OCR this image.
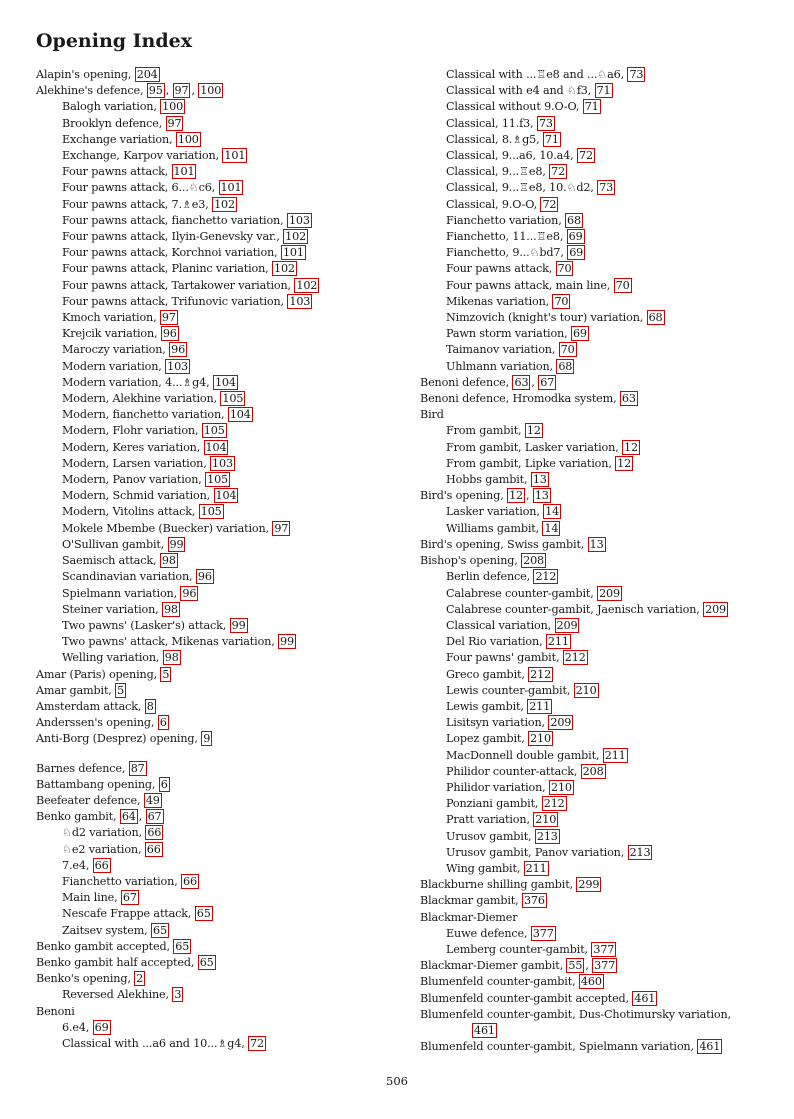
Opening Index
Alapin's opening, 204
Alekhine's defence, 95 , 97 , 100
Balogh variation, 100
Brooklyn defence, 97
Exchange variation, 100
Exchange, Karpov variation, 101
Four pawns attack, 101
Four pawns attack, 6...♘c6, 101
Four pawns attack, 7.♗e3, 102
Four pawns attack, fianchetto variation, 103
Four pawns attack, Ilyin-Genevsky var., 102
Four pawns attack, Korchnoi variation, 101
Four pawns attack, Planinc variation, 102
Four pawns attack, Tartakower variation, 102
Four pawns attack, Trifunovic variation, 103
Kmoch variation, 97
Krejcik variation, 96
Maroczy variation, 96
Modern variation, 103
Modern variation, 4...♗g4, 104
Modern, Alekhine variation, 105
Modern, fianchetto variation, 104
Modern, Flohr variation, 105
Modern, Keres variation, 104
Modern, Larsen variation, 103
Modern, Panov variation, 105
Modern, Schmid variation, 104
Modern, Vitolins attack, 105
Mokele Mbembe (Buecker) variation, 97
O'Sullivan gambit, 99
Saemisch attack, 98
Scandinavian variation, 96
Spielmann variation, 96
Steiner variation, 98
Two pawns' (Lasker's) attack, 99
Two pawns' attack, Mikenas variation, 99
Welling variation, 98
Amar (Paris) opening, 5
Amar gambit, 5
Amsterdam attack, 8
Anderssen's opening, 6
Anti-Borg (Desprez) opening, 9
Barnes defence, 87
Battambang opening, 6
Beefeater defence, 49
Benko gambit, 64 , 67
♘d2 variation, 66
♘e2 variation, 66
7.e4, 66
Fianchetto variation, 66
Main line, 67
Nescafe Frappe attack, 65
Zaitsev system, 65
Benko gambit accepted, 65
Benko gambit half accepted, 65
Benko's opening, 2
Reversed Alekhine, 3
Benoni
6.e4, 69
Classical with ...a6 and 10...♗g4, 72
Classical with ...♖e8 and ...♘a6, 73
Classical with e4 and ♘f3, 71
Classical without 9.O-O, 71
Classical, 11.f3, 73
Classical, 8.♗g5, 71
Classical, 9...a6, 10.a4, 72
Classical, 9...♖e8, 72
Classical, 9...♖e8, 10.♘d2, 73
Classical, 9.O-O, 72
Fianchetto variation, 68
Fianchetto, 11...♖e8, 69
Fianchetto, 9...♘bd7, 69
Four pawns attack, 70
Four pawns attack, main line, 70
Mikenas variation, 70
Nimzovich (knight's tour) variation, 68
Pawn storm variation, 69
Taimanov variation, 70
Uhlmann variation, 68
Benoni defence, 63 , 67
Benoni defence, Hromodka system, 63
Bird
From gambit, 12
From gambit, Lasker variation, 12
From gambit, Lipke variation, 12
Hobbs gambit, 13
Bird's opening, 12 , 13
Lasker variation, 14
Williams gambit, 14
Bird's opening, Swiss gambit, 13
Bishop's opening, 208
Berlin defence, 212
Calabrese counter-gambit, 209
Calabrese counter-gambit, Jaenisch variation, 209
Classical variation, 209
Del Rio variation, 211
Four pawns' gambit, 212
Greco gambit, 212
Lewis counter-gambit, 210
Lewis gambit, 211
Lisitsyn variation, 209
Lopez gambit, 210
MacDonnell double gambit, 211
Philidor counter-attack, 208
Philidor variation, 210
Ponziani gambit, 212
Pratt variation, 210
Urusov gambit, 213
Urusov gambit, Panov variation, 213
Wing gambit, 211
Blackburne shilling gambit, 299
Blackmar gambit, 376
Blackmar-Diemer
Euwe defence, 377
Lemberg counter-gambit, 377
Blackmar-Diemer gambit, 55 , 377
Blumenfeld counter-gambit, 460
Blumenfeld counter-gambit accepted, 461
Blumenfeld counter-gambit, Dus-Chotimursky variation,
461
Blumenfeld counter-gambit, Spielmann variation, 461
506
